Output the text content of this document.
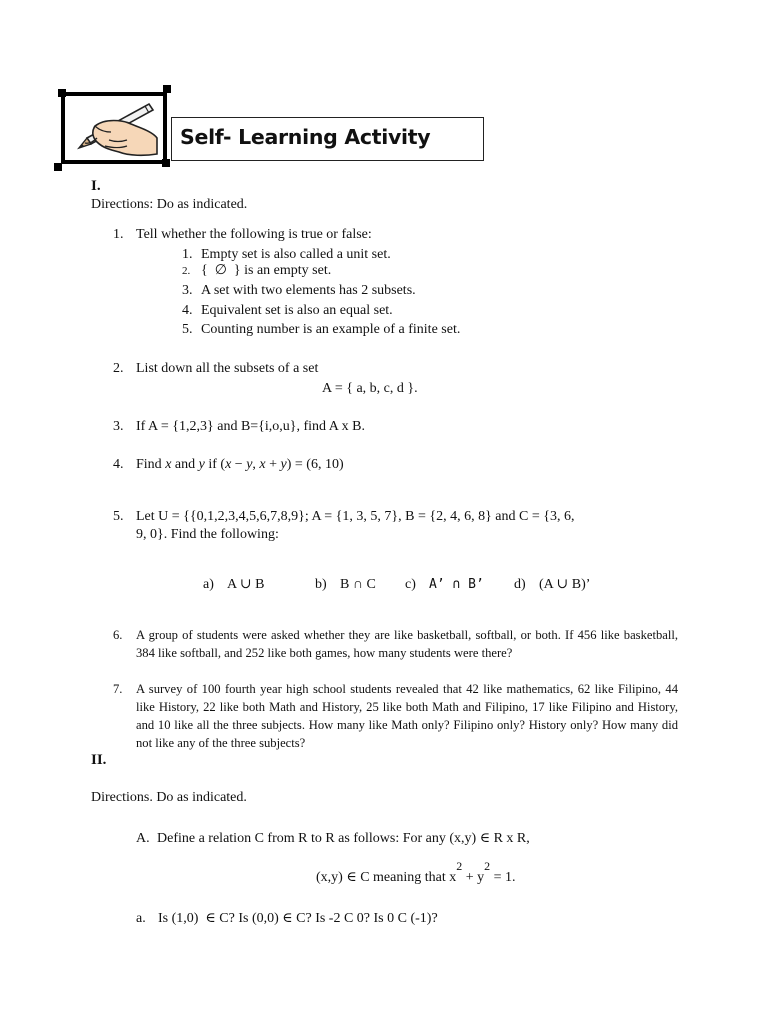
Self- Learning Activity
I.
Directions: Do as indicated.
1. Tell whether the following is true or false:
1. Empty set is also called a unit set.
2. {  ∅  } is an empty set.
3. A set with two elements has 2 subsets.
4. Equivalent set is also an equal set.
5. Counting number is an example of a finite set.
2. List down all the subsets of a set
A = { a, b, c, d }.
3. If A = {1,2,3} and B={i,o,u}, find A x B.
4. Find x and y if (x − y, x + y) = (6, 10)
5. Let U = {{0,1,2,3,4,5,6,7,8,9}; A = {1, 3, 5, 7}, B = {2, 4, 6, 8} and C = {3, 6,
9, 0}. Find the following:
a) A ∪ B	b) B ∩ C c) A’ ∩ B’ d) (A ∪ B)’
6. A group of students were asked whether they are like basketball, softball, or both. If 456 like basketball, 384 like softball, and 252 like both games, how many students were there?
7. A survey of 100 fourth year high school students revealed that 42 like mathematics, 62 like Filipino, 44 like History, 22 like both Math and History, 25 like both Math and Filipino, 17 like Filipino and History, and 10 like all the three subjects. How many like Math only? Filipino only? History only? How many did not like any of the three subjects?
II.
Directions. Do as indicated.
A. Define a relation C from R to R as follows: For any (x,y) ∈ R x R,
(x,y) ∈ C meaning that x2 + y2 = 1.
a. Is (1,0)  ∈ C? Is (0,0) ∈ C? Is -2 C 0? Is 0 C (-1)?
